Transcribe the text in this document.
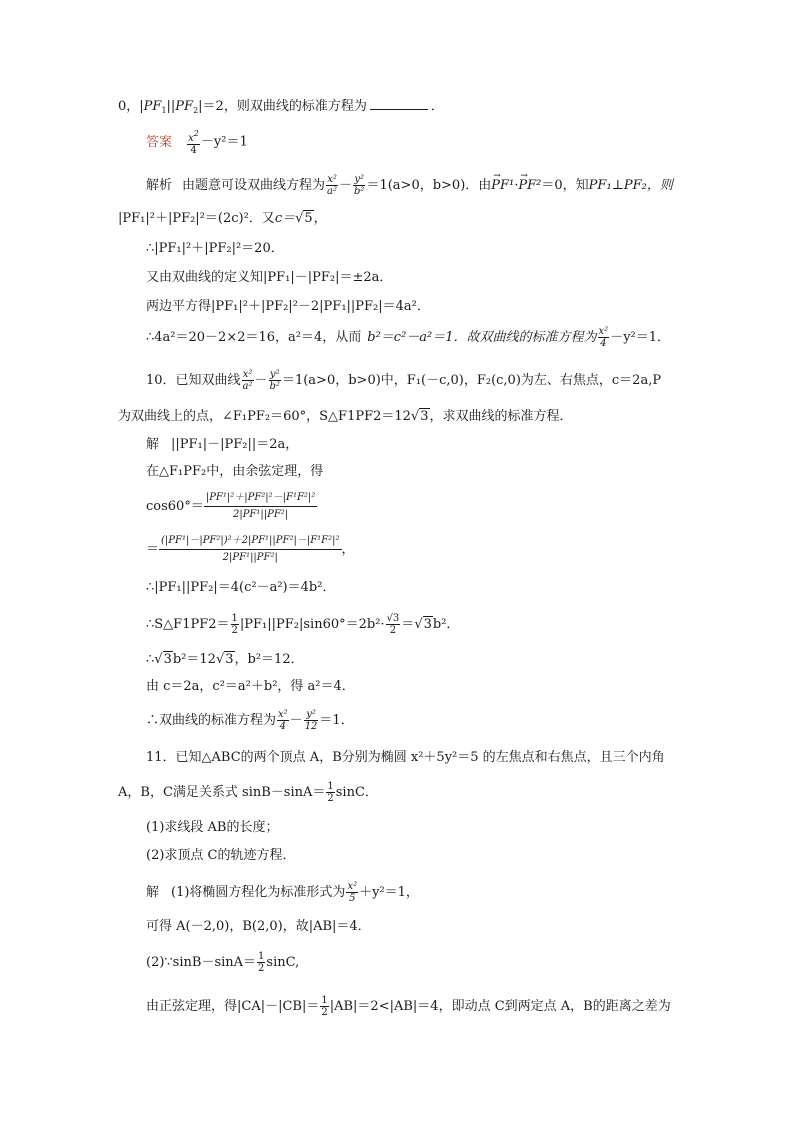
0，$|PF_1||PF_2|=2$，则双曲线的标准方程为	．
答案 $\frac{x^2}{4} -y^2=1$
解析 由题意可设双曲线方程为 $\frac{\text{x²}}{\text{a²}} - \frac{\text{y²}}{\text{b²}} =1(a>0$，b>0)．由→ PF¹·→ PF²＝0，知PF₁⊥PF₂，则
|PF₁|²＋|PF₂|²＝(2c)²．又c＝√5，
∴|PF₁|²＋|PF₂|²＝20．
又由双曲线的定义知|PF₁|－|PF₂|＝±2a．
两边平方得|PF₁|²＋|PF₂|²－2|PF₁||PF₂|＝4a²．
∴4a²＝20－2×2＝16，a²＝4，从而 b²＝c²－a²＝1．故双曲线的标准方程为 $\frac{\text{x²}}{4} -y^2=1$．
10．已知双曲线 $\frac{\text{x²}}{\text{a²}} - \frac{\text{y²}}{\text{b²}} =1(a>0$，b>0)中，F₁(－c,0)，F₂(c,0)为左、右焦点，c＝2a,P
为双曲线上的点，∠F₁PF₂＝60°，S△F1PF2＝12√3，求双曲线的标准方程．
解 ||PF₁|－|PF₂||＝2a，
在△F₁PF₂中，由余弦定理，得
$\cos 60^\circ= \frac{\text{|PF¹|²＋|PF²|²－|F¹F²|²}}{\text{2|PF¹||PF²|}}$
＝ $\frac{\text{(|PF¹|－|PF²|)²＋2|PF¹||PF²|－|F¹F²|²}}{\text{2|PF¹||PF²|}}$ ，
∴|PF₁||PF₂|＝4(c²－a²)＝4b²．
∴S△F1PF2＝ $\frac{1}{2} |PF_1||PF_2|\sin 60^\circ=2b^2\cdot \frac{√3}{2} =√3b^2$．
∴√3b²＝12√3，b²＝12．
由 c＝2a，c²＝a²＋b²，得 a²＝4．
∴双曲线的标准方程为 $\frac{\text{x²}}{4} - \frac{\text{y²}}{12} =1$．
11．已知△ABC的两个顶点 A，B分别为椭圆 x²＋5y²＝5 的左焦点和右焦点，且三个内角
A，B，C满足关系式 $\sin B-\sin A= \frac{1}{2}$ sinC．
(1)求线段 AB的长度；
(2)求顶点 C的轨迹方程．
解 (1)将椭圆方程化为标准形式为 $\frac{\text{x²}}{5} +y^2=1$，
可得 A(－2,0)，B(2,0)，故|AB|＝4．
(2)∵sinB－sinA＝ $\frac{1}{2} \sin C$,
由正弦定理，得$|CA|-|CB|= \frac{1}{2} |AB|=2<|AB|=4$，即动点 C到两定点 A，B的距离之差为
